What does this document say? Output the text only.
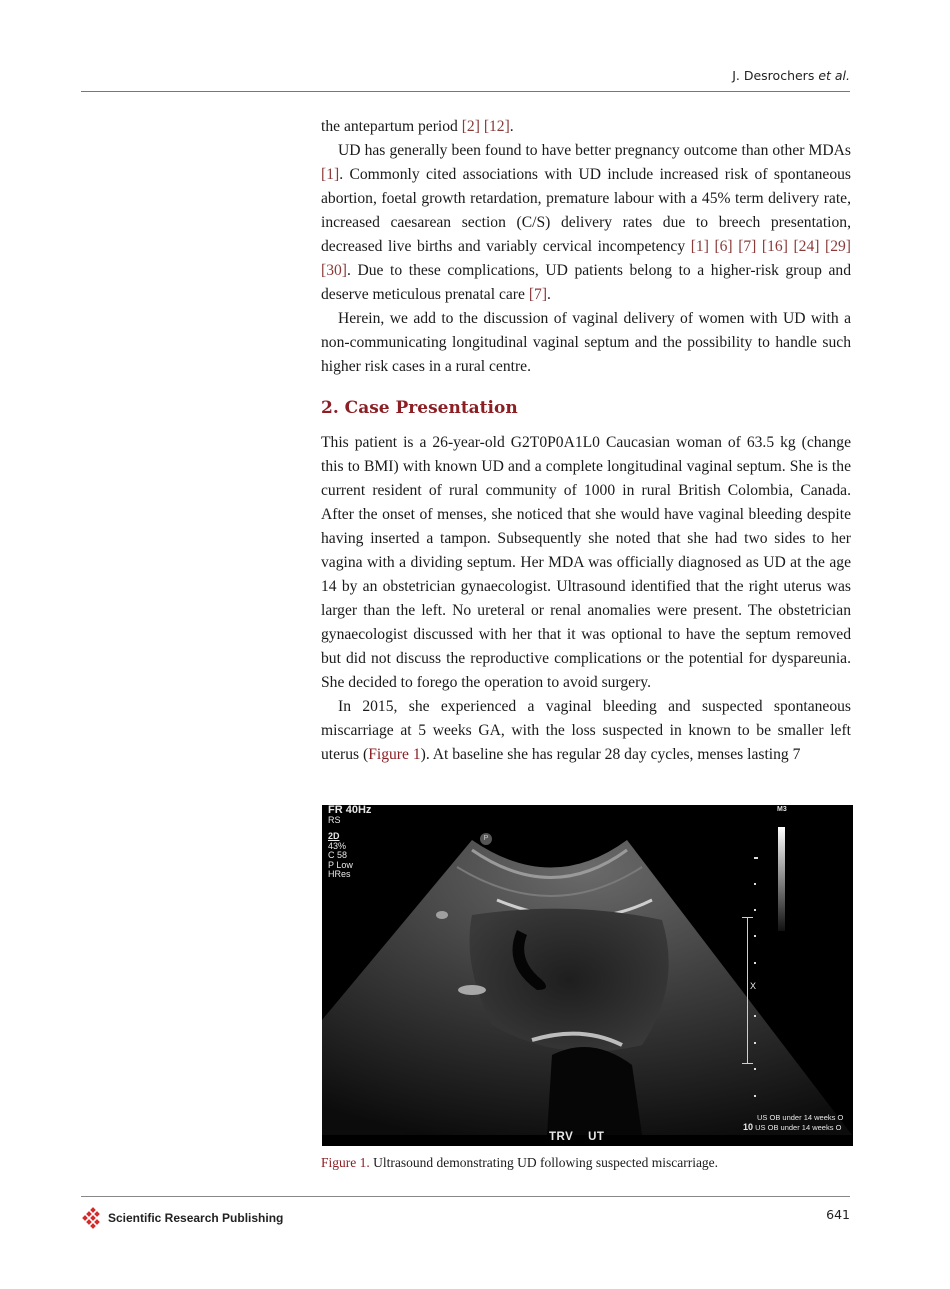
J. Desrochers et al.

the antepartum period [2] [12].

UD has generally been found to have better pregnancy outcome than other MDAs [1]. Commonly cited associations with UD include increased risk of spontaneous abortion, foetal growth retardation, premature labour with a 45% term delivery rate, increased caesarean section (C/S) delivery rates due to breech presentation, decreased live births and variably cervical incompetency [1] [6] [7] [16] [24] [29] [30]. Due to these complications, UD patients belong to a higher-risk group and deserve meticulous prenatal care [7].

Herein, we add to the discussion of vaginal delivery of women with UD with a non-communicating longitudinal vaginal septum and the possibility to handle such higher risk cases in a rural centre.

2. Case Presentation

This patient is a 26-year-old G2T0P0A1L0 Caucasian woman of 63.5 kg (change this to BMI) with known UD and a complete longitudinal vaginal septum. She is the current resident of rural community of 1000 in rural British Colombia, Canada. After the onset of menses, she noticed that she would have vaginal bleeding despite having inserted a tampon. Subsequently she noted that she had two sides to her vagina with a dividing septum. Her MDA was officially diagnosed as UD at the age 14 by an obstetrician gynaecologist. Ultrasound identified that the right uterus was larger than the left. No ureteral or renal anomalies were present. The obstetrician gynaecologist discussed with her that it was optional to have the septum removed but did not discuss the reproductive complications or the potential for dyspareunia. She decided to forego the operation to avoid surgery.

In 2015, she experienced a vaginal bleeding and suspected spontaneous miscarriage at 5 weeks GA, with the loss suspected in known to be smaller left uterus (Figure 1). At baseline she has regular 28 day cycles, menses lasting 7

FR 40Hz
RS
2D
43%
C 58
P Low
HRes
P
M3
X
US OB under 14 weeks O
10 US OB under 14 weeks O
TRV UT
Figure 1. Ultrasound demonstrating UD following suspected miscarriage.
Scientific Research Publishing	641
